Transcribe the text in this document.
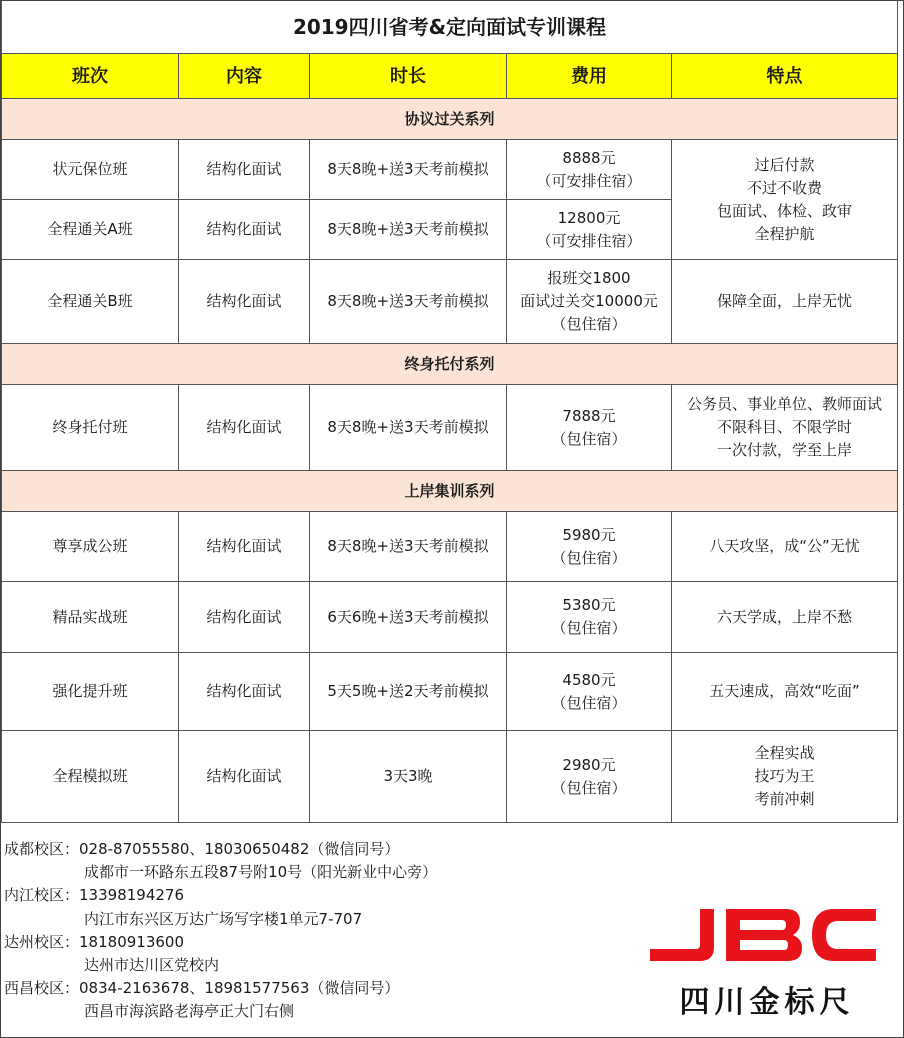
2019四川省考&定向面试专训课程				
班次	内容	时长	费用	特点
协议过关系列				
状元保位班	结构化面试	8天8晚+送3天考前模拟	8888元
（可安排住宿）	过后付款
不过不收费
包面试、体检、政审
全程护航

全程通关A班	结构化面试	8天8晚+送3天考前模拟	12800元
（可安排住宿）	

全程通关B班	结构化面试	8天8晚+送3天考前模拟	报班交1800
面试过关交10000元
（包住宿）	保障全面，上岸无忧
终身托付系列				
终身托付班	结构化面试	8天8晚+送3天考前模拟	7888元
（包住宿）	公务员、事业单位、教师面试
不限科目、不限学时
一次付款，学至上岸

上岸集训系列				
尊享成公班	结构化面试	8天8晚+送3天考前模拟	5980元
（包住宿）	八天攻坚，成“公”无忧
精品实战班	结构化面试	6天6晚+送3天考前模拟	5380元
（包住宿）	六天学成，上岸不愁
强化提升班	结构化面试	5天5晚+送2天考前模拟	4580元
（包住宿）	五天速成，高效“吃面”
全程模拟班	结构化面试	3天3晚	2980元
（包住宿）	全程实战
技巧为王
考前冲刺
成都校区：028-87055580、18030650482（微信同号）
成都市一环路东五段87号附10号（阳光新业中心旁）
内江校区：13398194276
内江市东兴区万达广场写字楼1单元7-707
达州校区：18180913600
达州市达川区党校内
西昌校区：0834-2163678、18981577563（微信同号）
西昌市海滨路老海亭正大门右侧	四川金标尺
